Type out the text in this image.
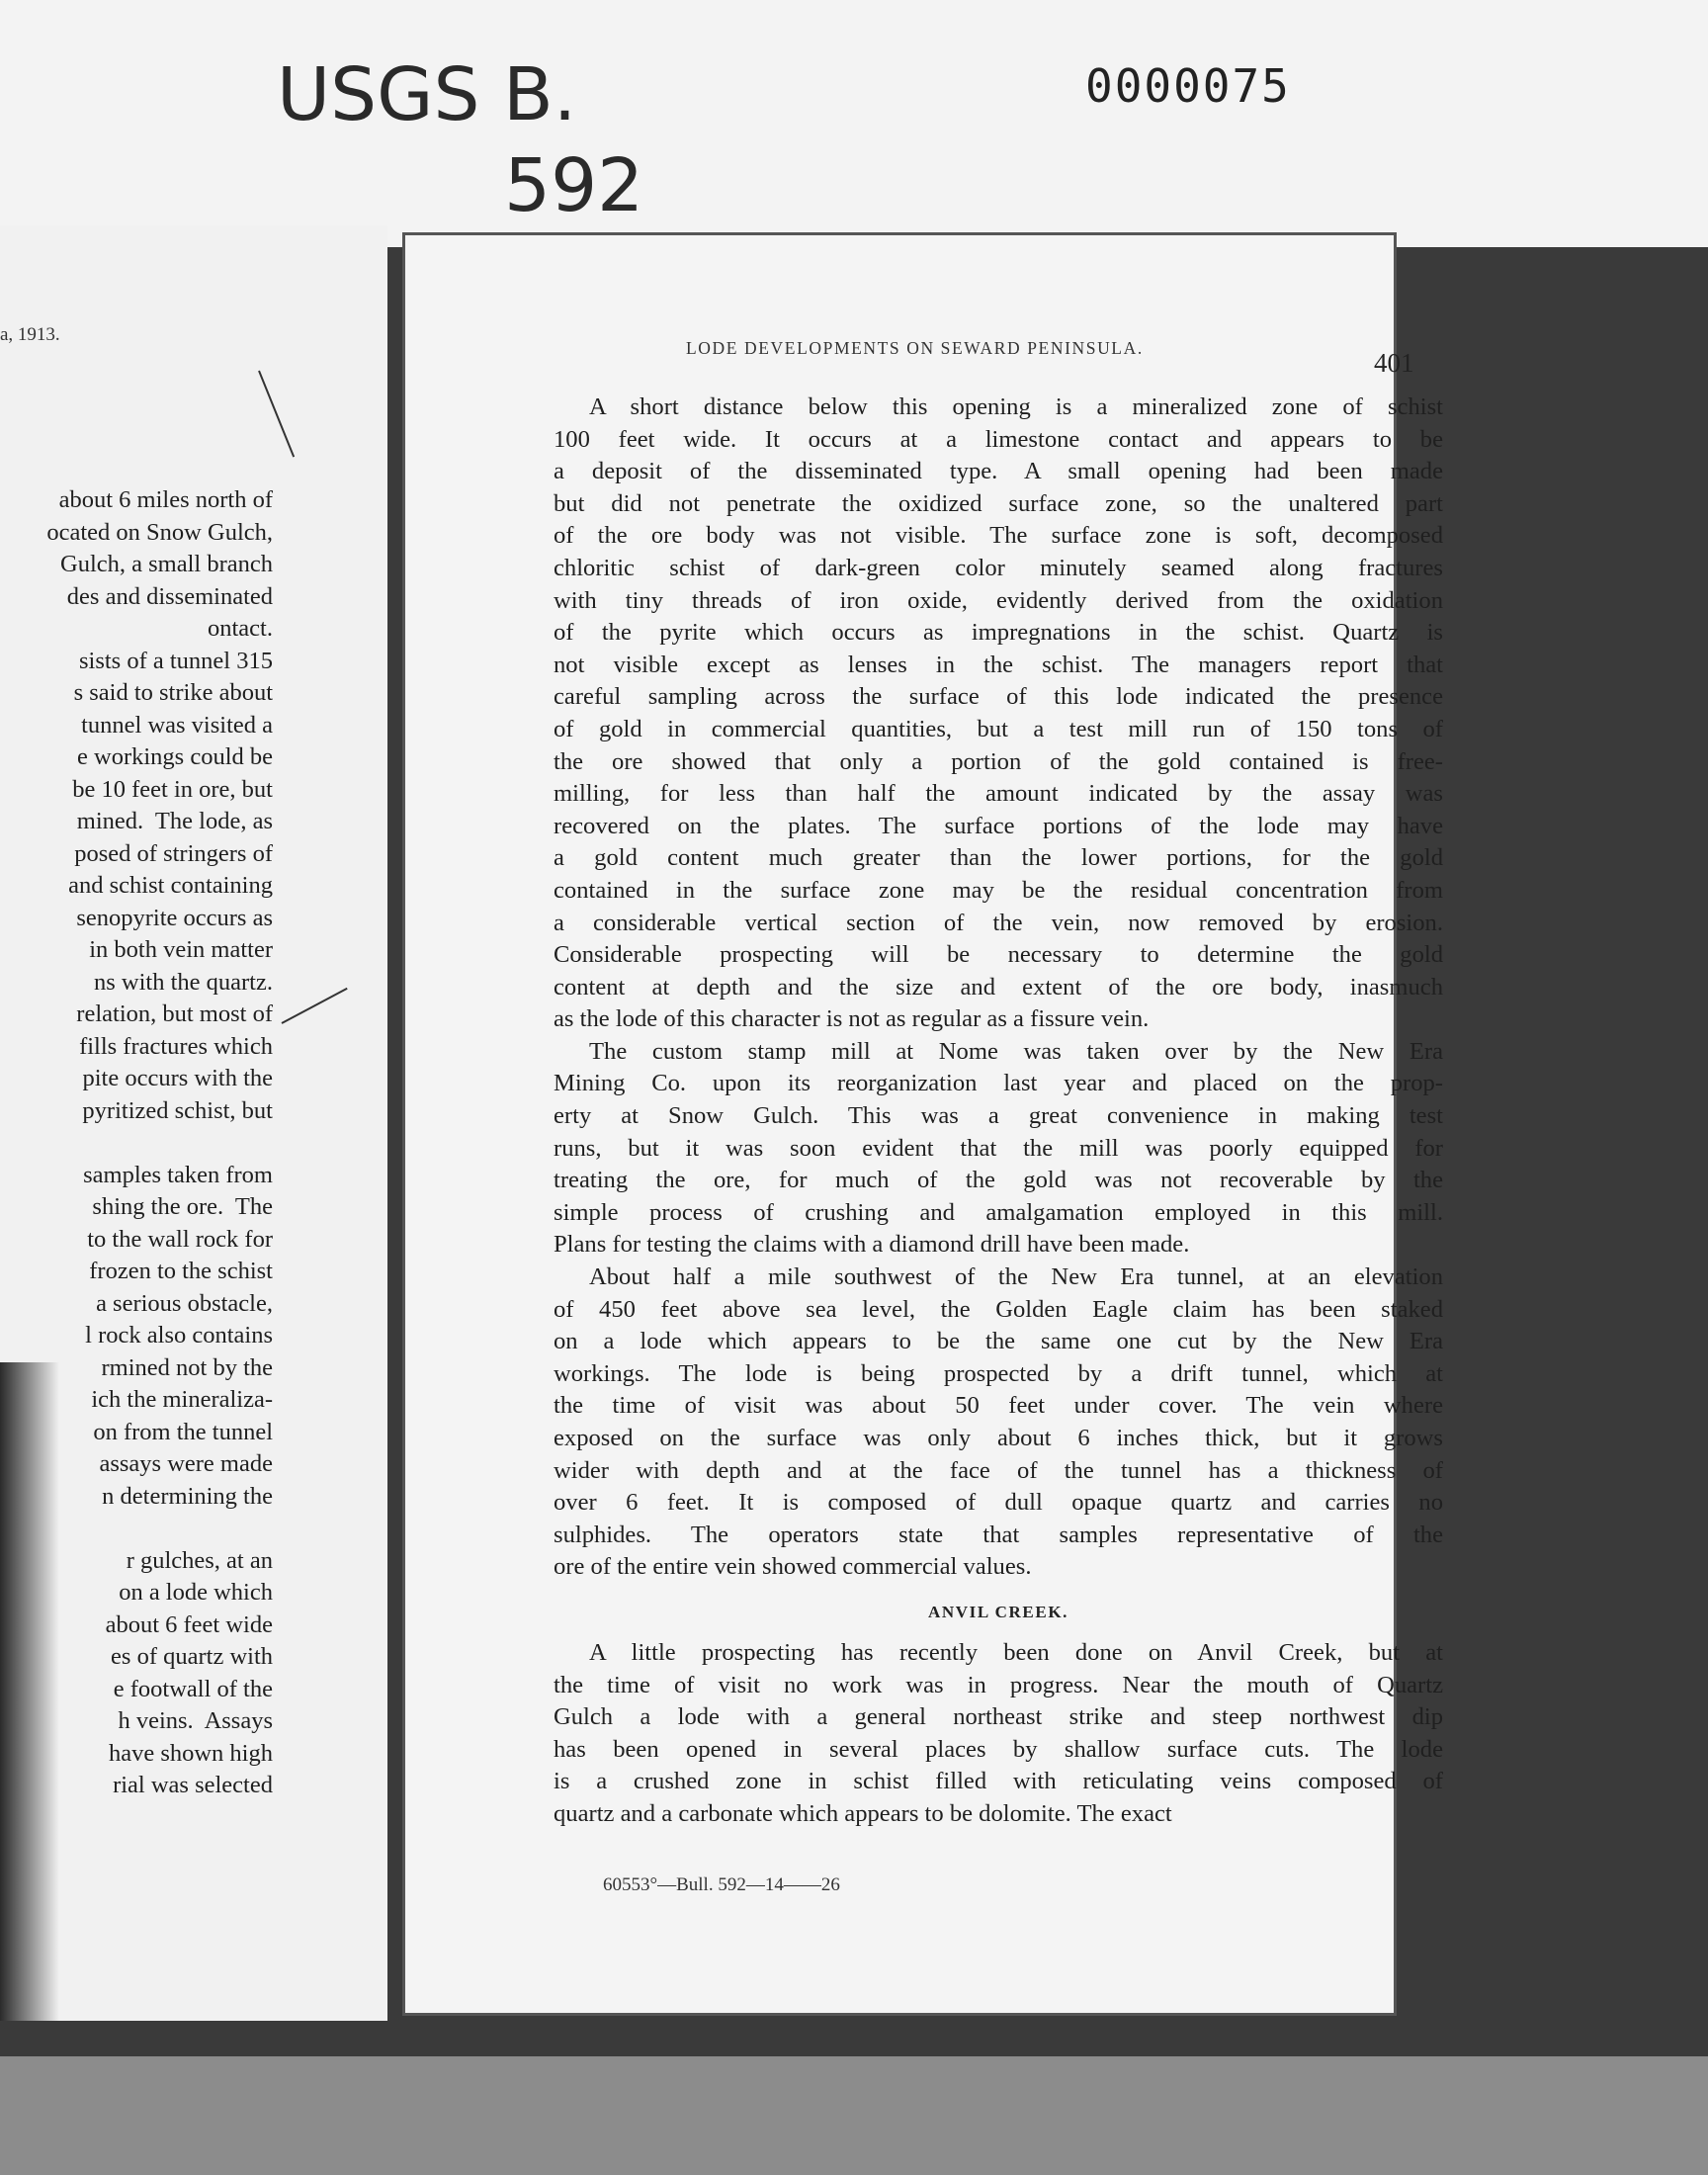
USGS B.
592
0000075
a, 1913.
about 6 miles north of
ocated on Snow Gulch,
Gulch, a small branch
des and disseminated
ontact.
sists of a tunnel 315
s said to strike about
tunnel was visited a
e workings could be
be 10 feet in ore, but
mined.  The lode, as
posed of stringers of
and schist containing
senopyrite occurs as
in both vein matter
ns with the quartz.
relation, but most of
fills fractures which
pite occurs with the
pyritized schist, but
samples taken from
shing the ore.  The
to the wall rock for
frozen to the schist
a serious obstacle,
l rock also contains
rmined not by the
ich the mineraliza-
on from the tunnel
assays were made
n determining the
r gulches, at an
on a lode which
about 6 feet wide
es of quartz with
e footwall of the
h veins.  Assays
have shown high
rial was selected
LODE DEVELOPMENTS ON SEWARD PENINSULA.	401

A short distance below this opening is a mineralized zone of schist
100 feet wide. It occurs at a limestone contact and appears to be
a deposit of the disseminated type. A small opening had been made
but did not penetrate the oxidized surface zone, so the unaltered part
of the ore body was not visible. The surface zone is soft, decomposed
chloritic schist of dark-green color minutely seamed along fractures
with tiny threads of iron oxide, evidently derived from the oxidation
of the pyrite which occurs as impregnations in the schist. Quartz is
not visible except as lenses in the schist. The managers report that
careful sampling across the surface of this lode indicated the presence
of gold in commercial quantities, but a test mill run of 150 tons of
the ore showed that only a portion of the gold contained is free-
milling, for less than half the amount indicated by the assay was
recovered on the plates. The surface portions of the lode may have
a gold content much greater than the lower portions, for the gold
contained in the surface zone may be the residual concentration from
a considerable vertical section of the vein, now removed by erosion.
Considerable prospecting will be necessary to determine the gold
content at depth and the size and extent of the ore body, inasmuch
as the lode of this character is not as regular as a fissure vein.

The custom stamp mill at Nome was taken over by the New Era
Mining Co. upon its reorganization last year and placed on the prop-
erty at Snow Gulch. This was a great convenience in making test
runs, but it was soon evident that the mill was poorly equipped for
treating the ore, for much of the gold was not recoverable by the
simple process of crushing and amalgamation employed in this mill.
Plans for testing the claims with a diamond drill have been made.

About half a mile southwest of the New Era tunnel, at an elevation
of 450 feet above sea level, the Golden Eagle claim has been staked
on a lode which appears to be the same one cut by the New Era
workings. The lode is being prospected by a drift tunnel, which at
the time of visit was about 50 feet under cover. The vein where
exposed on the surface was only about 6 inches thick, but it grows
wider with depth and at the face of the tunnel has a thickness of
over 6 feet. It is composed of dull opaque quartz and carries no
sulphides. The operators state that samples representative of the
ore of the entire vein showed commercial values.

ANVIL CREEK.

A little prospecting has recently been done on Anvil Creek, but at
the time of visit no work was in progress. Near the mouth of Quartz
Gulch a lode with a general northeast strike and steep northwest dip
has been opened in several places by shallow surface cuts. The lode
is a crushed zone in schist filled with reticulating veins composed of
quartz and a carbonate which appears to be dolomite. The exact

60553°—Bull. 592—14——26
